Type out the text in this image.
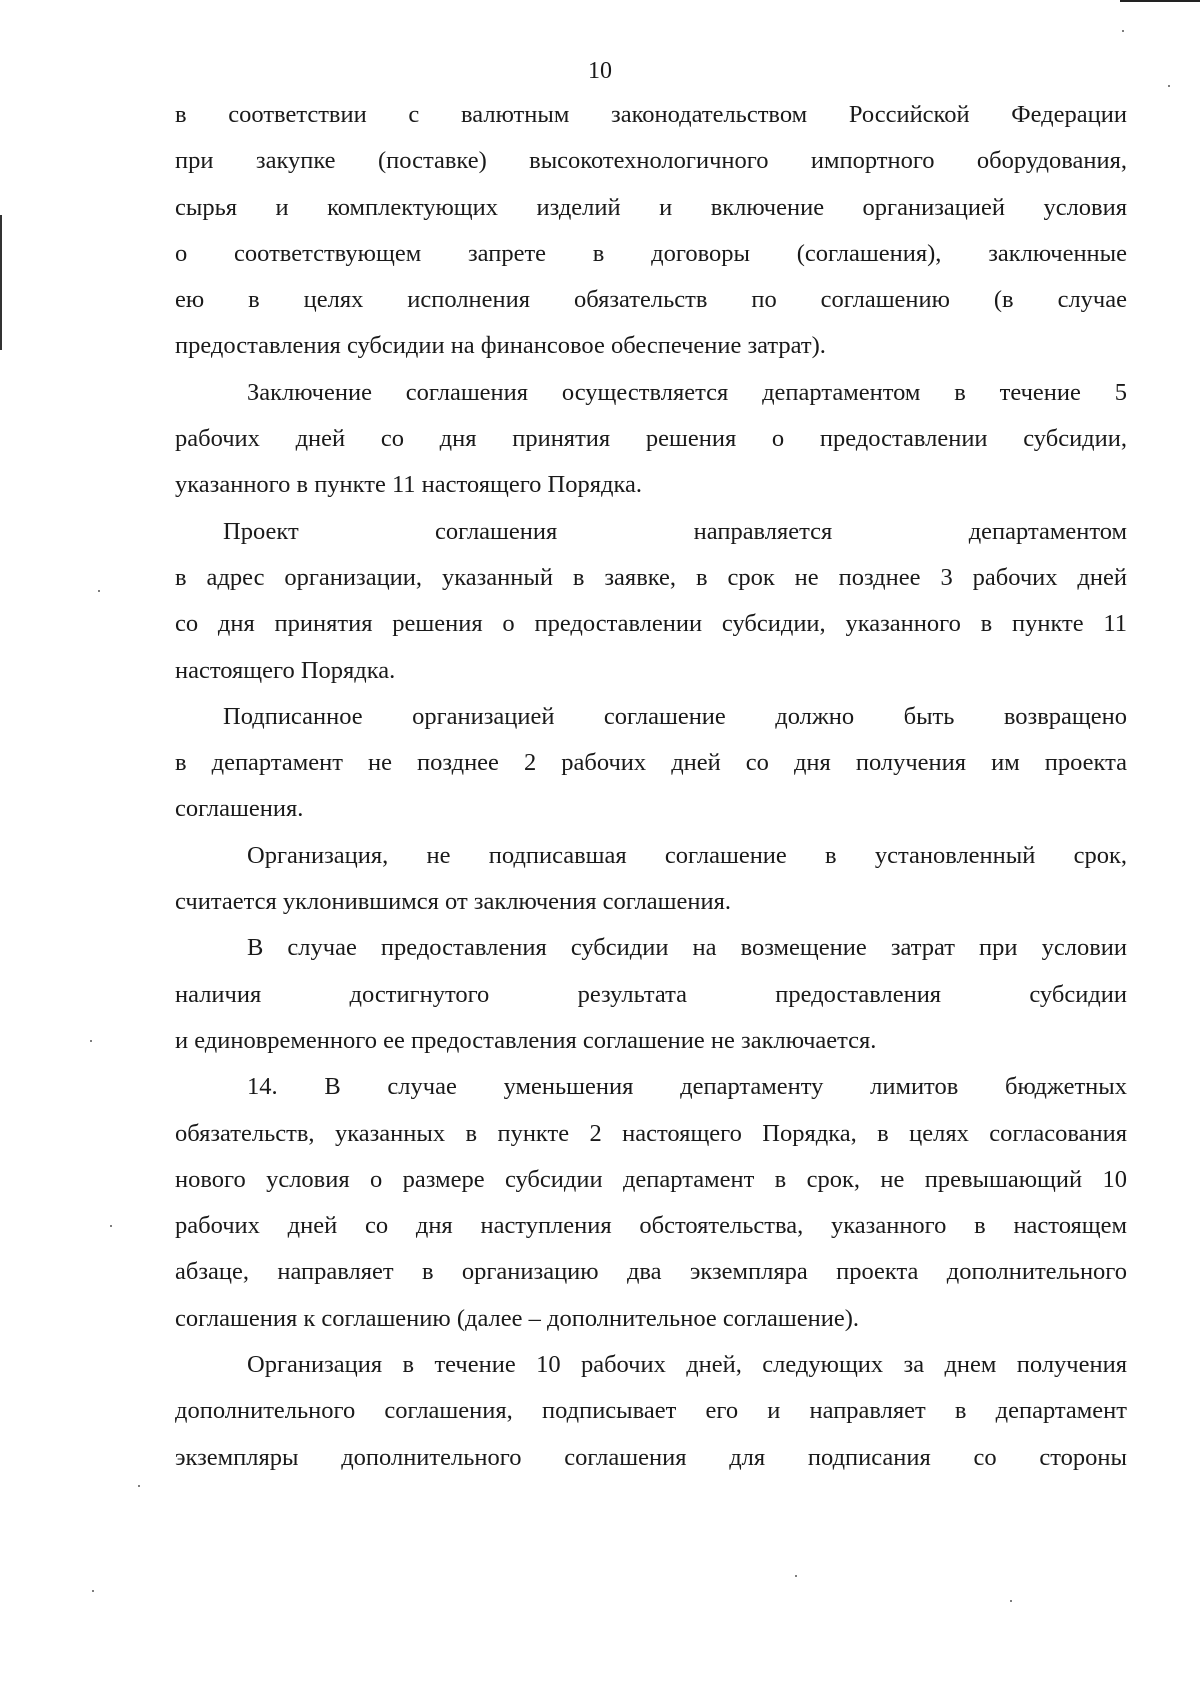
10

в соответствии с валютным законодательством Российской Федерации
при закупке (поставке) высокотехнологичного импортного оборудования,
сырья и комплектующих изделий и включение организацией условия
о соответствующем запрете в договоры (соглашения), заключенные
ею в целях исполнения обязательств по соглашению (в случае
предоставления субсидии на финансовое обеспечение затрат).

Заключение соглашения осуществляется департаментом в течение 5
рабочих дней со дня принятия решения о предоставлении субсидии,
указанного в пункте 11 настоящего Порядка.

Проект соглашения направляется департаментом
в адрес организации, указанный в заявке, в срок не позднее 3 рабочих дней
со дня принятия решения о предоставлении субсидии, указанного в пункте 11
настоящего Порядка.

Подписанное организацией соглашение должно быть возвращено
в департамент не позднее 2 рабочих дней со дня получения им проекта
соглашения.

Организация, не подписавшая соглашение в установленный срок,
считается уклонившимся от заключения соглашения.

В случае предоставления субсидии на возмещение затрат при условии
наличия достигнутого результата предоставления субсидии
и единовременного ее предоставления соглашение не заключается.

14. В случае уменьшения департаменту лимитов бюджетных
обязательств, указанных в пункте 2 настоящего Порядка, в целях согласования
нового условия о размере субсидии департамент в срок, не превышающий 10
рабочих дней со дня наступления обстоятельства, указанного в настоящем
абзаце, направляет в организацию два экземпляра проекта дополнительного
соглашения к соглашению (далее – дополнительное соглашение).

Организация в течение 10 рабочих дней, следующих за днем получения
дополнительного соглашения, подписывает его и направляет в департамент
экземпляры дополнительного соглашения для подписания со стороны
